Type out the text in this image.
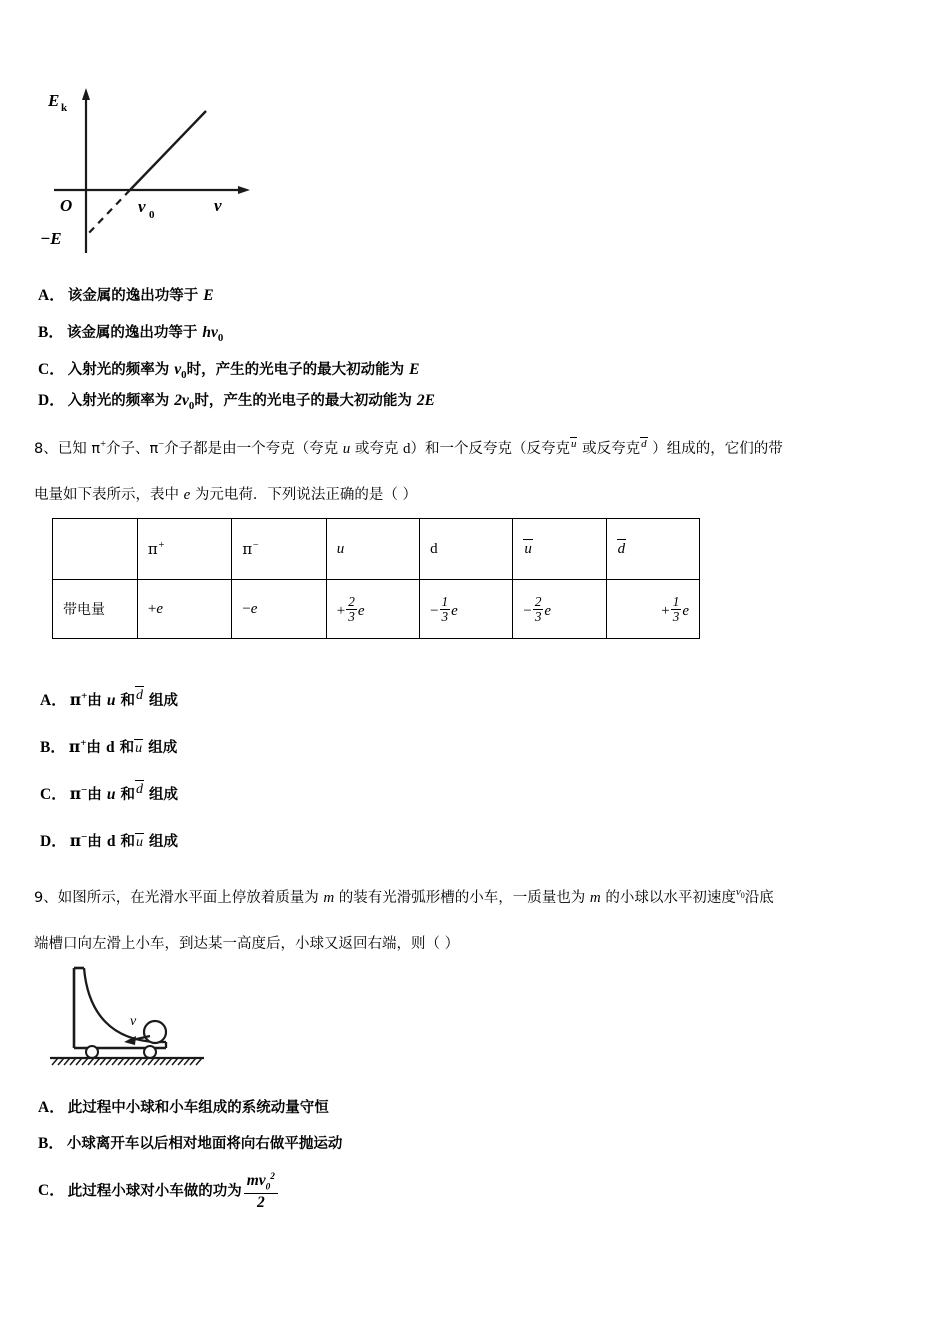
E k
O	v 0	v
−E
A． 该金属的逸出功等于 E
B． 该金属的逸出功等于 $hv_0$
C． 入射光的频率为 $v_0$时，产生的光电子的最大初动能为 E
D． 入射光的频率为 $2v_0$时，产生的光电子的最大初动能为 2E
8、已知 π+介子、π−介子都是由一个夸克（夸克 u 或夸克 d）和一个反夸克（反夸克u 或反夸克d ）组成的，它们的带
电量如下表所示，表中 e 为元电荷．下列说法正确的是（ ）
	π+	π−	u	d	u	d
带电量	+e	−e	+ $\frac{2}{3}$ e	− $\frac{1}{3}$ e	− $\frac{2}{3}$ e	+ $\frac{1}{3}$ e
A． π+由 u 和d 组成
B． π+由 d 和u 组成
C． π−由 u 和d 组成
D． π−由 d 和u 组成
9、如图所示，在光滑水平面上停放着质量为 m 的装有光滑弧形槽的小车，一质量也为 m 的小球以水平初速度$^v_0$沿底
端槽口向左滑上小车，到达某一高度后，小球又返回右端，则（ ）
v
A． 此过程中小球和小车组成的系统动量守恒
B． 小球离开车以后相对地面将向右做平抛运动
C． 此过程小球对小车做的功为 $\frac{mv_0^2}{2}$
